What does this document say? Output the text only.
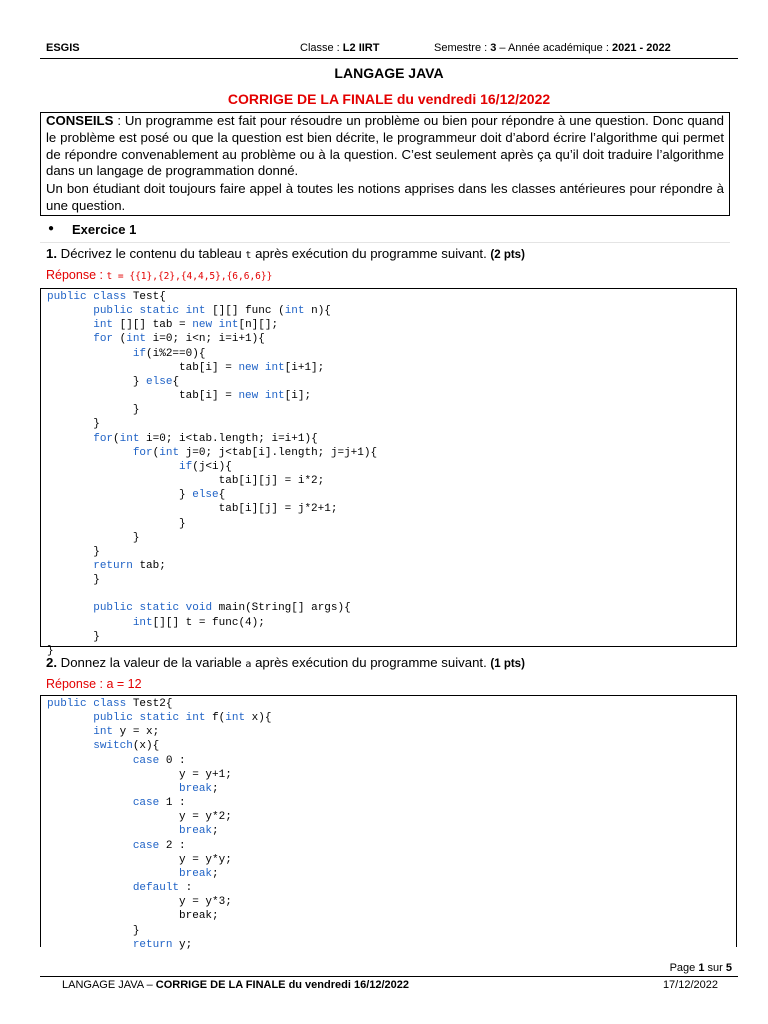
ESGIS	Classe : L2 IIRT	Semestre : 3 – Année académique : 2021 - 2022
LANGAGE JAVA
CORRIGE DE LA FINALE du vendredi 16/12/2022

CONSEILS : Un programme est fait pour résoudre un problème ou bien pour répondre à une question. Donc quand le problème est posé ou que la question est bien décrite, le programmeur doit d’abord écrire l’algorithme qui permet de répondre convenablement au problème ou à la question. C’est seulement après ça qu’il doit traduire l’algorithme dans un langage de programmation donné.

Un bon étudiant doit toujours faire appel à toutes les notions apprises dans les classes antérieures pour répondre à une question.

● Exercice 1
1. Décrivez le contenu du tableau t après exécution du programme suivant. (2 pts)
Réponse : t = {{1},{2},{4,4,5},{6,6,6}}
public class Test{
public static int [][] func (int n){
int [][] tab = new int[n][];
for (int i=0; i<n; i=i+1){
if(i%2==0){
tab[i] = new int[i+1];
} else{
tab[i] = new int[i];
}
}
for(int i=0; i<tab.length; i=i+1){
for(int j=0; j<tab[i].length; j=j+1){
if(j<i){
tab[i][j] = i*2;
} else{
tab[i][j] = j*2+1;
}
}
}
return tab;
}

public static void main(String[] args){
int[][] t = func(4);
}
}
2. Donnez la valeur de la variable a après exécution du programme suivant. (1 pts)
Réponse : a = 12
public class Test2{
public static int f(int x){
int y = x;
switch(x){
case 0 :
y = y+1;
break;
case 1 :
y = y*2;
break;
case 2 :
y = y*y;
break;
default :
y = y*3;
break;
}
return y;
Page 1 sur 5
LANGAGE JAVA – CORRIGE DE LA FINALE du vendredi 16/12/2022	17/12/2022
